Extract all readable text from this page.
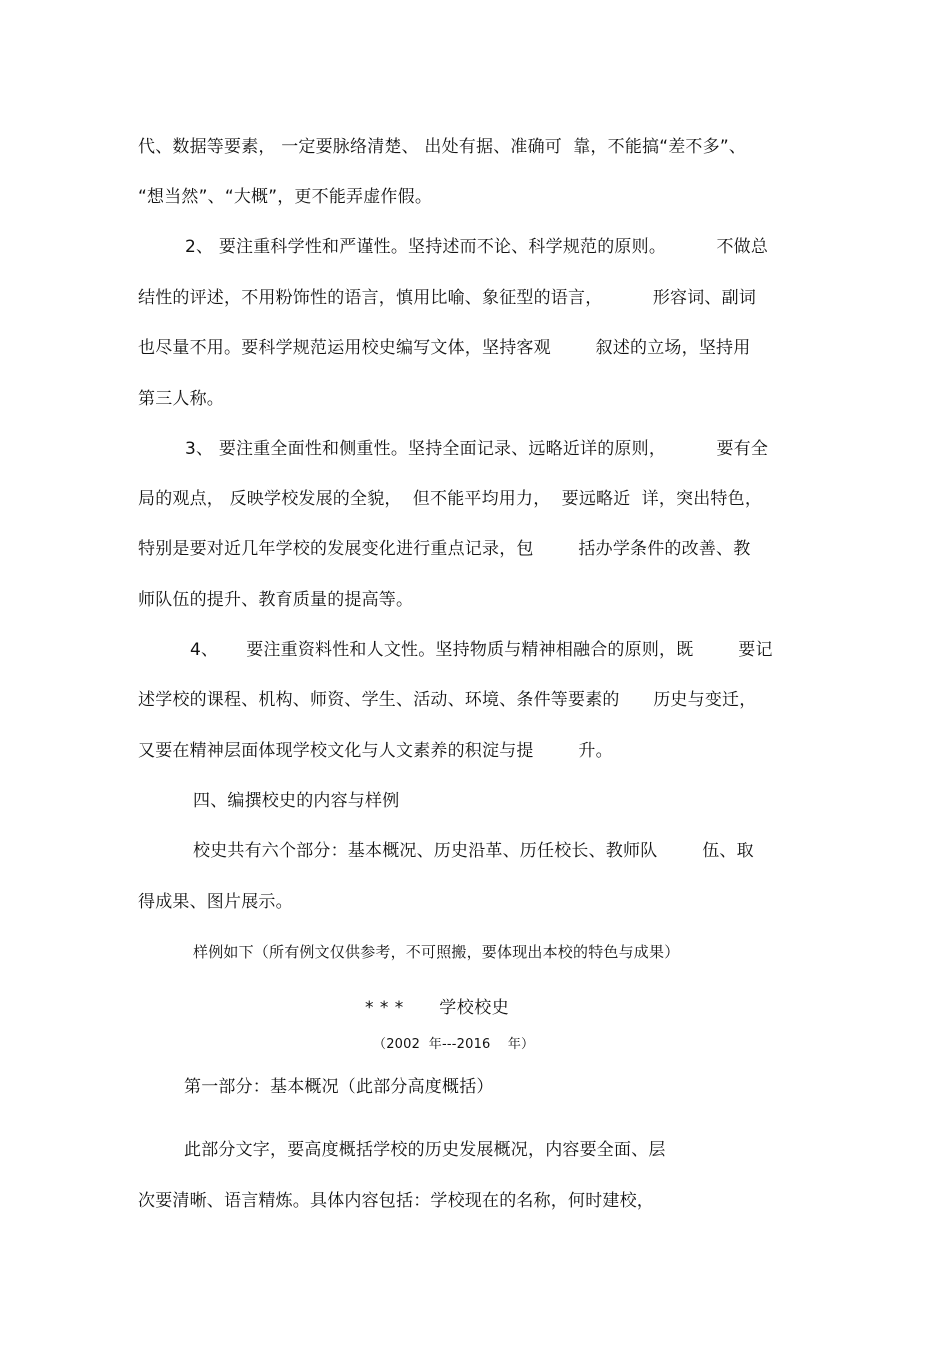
代、数据等要素， 一定要脉络清楚、 出处有据、准确可  靠，不能搞“差不多”、
“想当然”、“大概”，更不能弄虚作假。
2、 要注重科学性和严谨性。坚持述而不论、科学规范的原则。         不做总
结性的评述，不用粉饰性的语言，慎用比喻、象征型的语言，         形容词、副词
也尽量不用。要科学规范运用校史编写文体，坚持客观        叙述的立场，坚持用
第三人称。
3、 要注重全面性和侧重性。坚持全面记录、远略近详的原则，         要有全
局的观点， 反映学校发展的全貌，  但不能平均用力，  要远略近  详，突出特色，
特别是要对近几年学校的发展变化进行重点记录，包        括办学条件的改善、教
师队伍的提升、教育质量的提高等。
4、     要注重资料性和人文性。坚持物质与精神相融合的原则，既        要记
述学校的课程、机构、师资、学生、活动、环境、条件等要素的      历史与变迁，
又要在精神层面体现学校文化与人文素养的积淀与提        升。
四、编撰校史的内容与样例
校史共有六个部分：基本概况、历史沿革、历任校长、教师队        伍、取
得成果、图片展示。
样例如下（所有例文仅供参考，不可照搬，要体现出本校的特色与成果）
* * *      学校校史
（2002  年---2016    年）
第一部分：基本概况（此部分高度概括）
此部分文字，要高度概括学校的历史发展概况，内容要全面、层
次要清晰、语言精炼。具体内容包括：学校现在的名称，何时建校，
